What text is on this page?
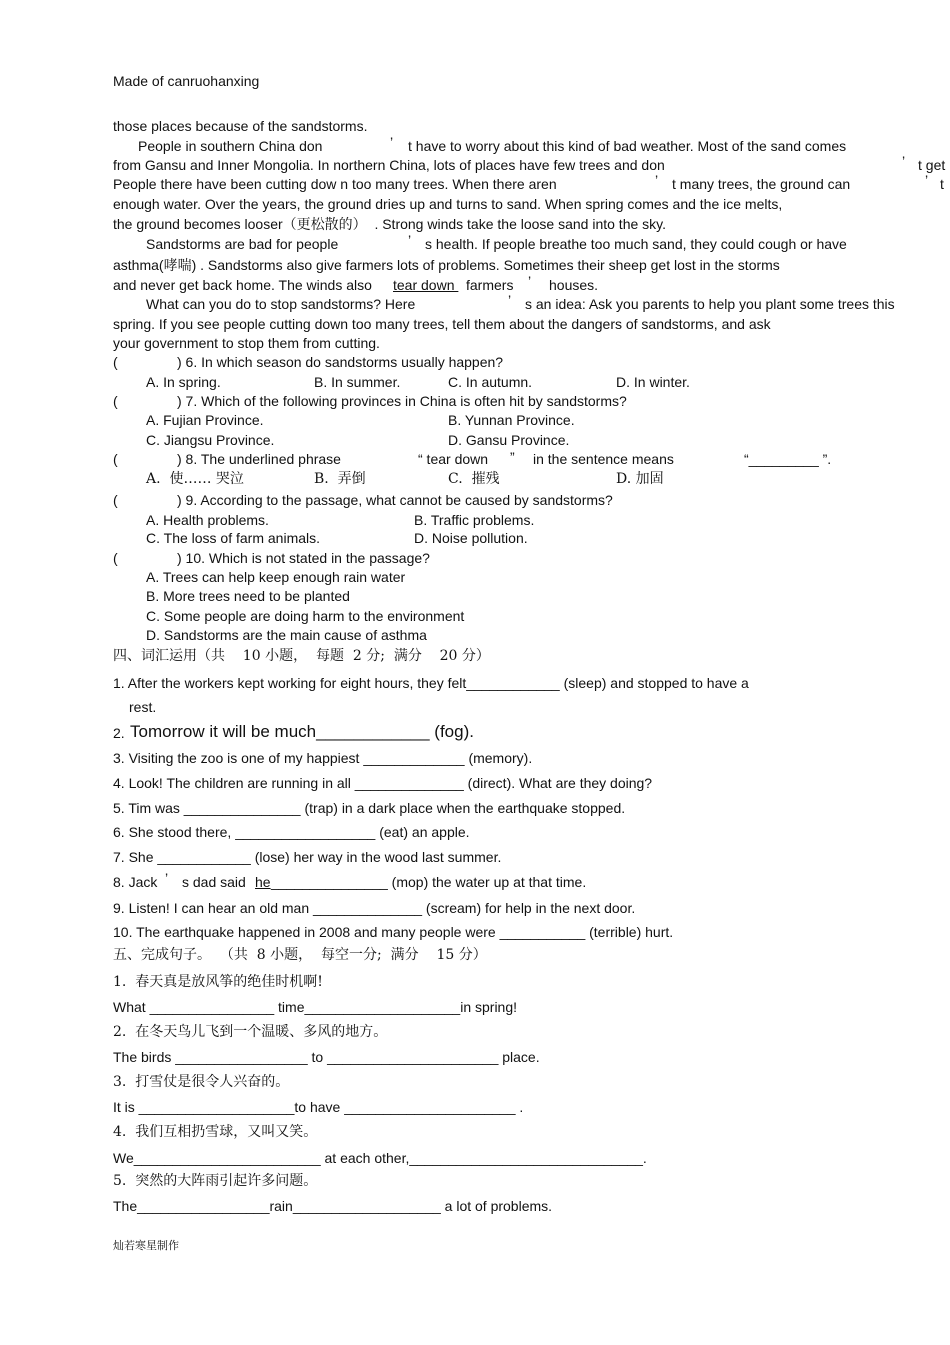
Made of canruohanxing
those places because of the sandstorms.
People in southern China don	’ t have to worry about this kind of bad weather. Most of the sand comes
from Gansu and Inner Mongolia. In northern China, lots of places have few trees and don	’ t get
People there have been cutting dow n too many trees. When there aren	’ t many trees, the ground can	’ t
enough water. Over the years, the ground dries up and turns to sand. When spring comes and the ice melts,
the ground becomes looser（更松散的）  . Strong winds take the loose sand into the sky.
Sandstorms are bad for people	’ s health. If people breathe too much sand, they could cough or have
asthma(哮喘) . Sandstorms also give farmers lots of problems. Sometimes their sheep get lost in the storms
and never get back home. The winds also tear down farmers ’ houses.
What can you do to stop sandstorms? Here	’ s an idea: Ask you parents to help you plant some trees this
spring. If you see people cutting down too many trees, tell them about the dangers of sandstorms, and ask
your government to stop them from cutting.
(	) 6. In which season do sandstorms usually happen?
A. In spring.	B. In summer.	C. In autumn.	D. In winter.
(	) 7. Which of the following provinces in China is often hit by sandstorms?
A. Fujian Province.	B. Yunnan Province.
C. Jiangsu Province.	D. Gansu Province.
(	) 8. The underlined phrase	“ tear down ” in the sentence means	“_________ ”.
A.  使…… 哭泣	B.  弄倒	C.  摧残	D. 加固
(	) 9. According to the passage, what cannot be caused by sandstorms?
A. Health problems.	B. Traffic problems.
C. The loss of farm animals.	D. Noise pollution.
(	) 10. Which is not stated in the passage?
A. Trees can help keep enough rain water
B. More trees need to be planted
C. Some people are doing harm to the environment
D. Sandstorms are the main cause of asthma
四、词汇运用（共    10 小题，  每题  2 分;  满分    20 分）
1. After the workers kept working for eight hours, they felt____________ (sleep) and stopped to have a
rest.
2. Tomorrow it will be much____________ (fog).
3. Visiting the zoo is one of my happiest _____________ (memory).
4. Look! The children are running in all ______________ (direct). What are they doing?
5. Tim was _______________ (trap) in a dark place when the earthquake stopped.
6. She stood there, __________________ (eat) an apple.
7. She ____________ (lose) her way in the wood last summer.
8. Jack ’ s dad said he _______________ (mop) the water up at that time.
9. Listen! I can hear an old man ______________ (scream) for help in the next door.
10. The earthquake happened in 2008 and many people were ___________ (terrible) hurt.
五、完成句子。  （共  8 小题，  每空一分;  满分    15 分）
1.  春天真是放风筝的绝佳时机啊!
What ________________ time____________________in spring!
2.  在冬天鸟儿飞到一个温暖、多风的地方。
The birds _________________ to ______________________ place.
3.  打雪仗是很令人兴奋的。
It is ____________________to have ______________________ .
4.  我们互相扔雪球，又叫又笑。
We________________________ at each other,______________________________.
5.  突然的大阵雨引起许多问题。
The_________________rain___________________ a lot of problems.
灿若寒星制作
